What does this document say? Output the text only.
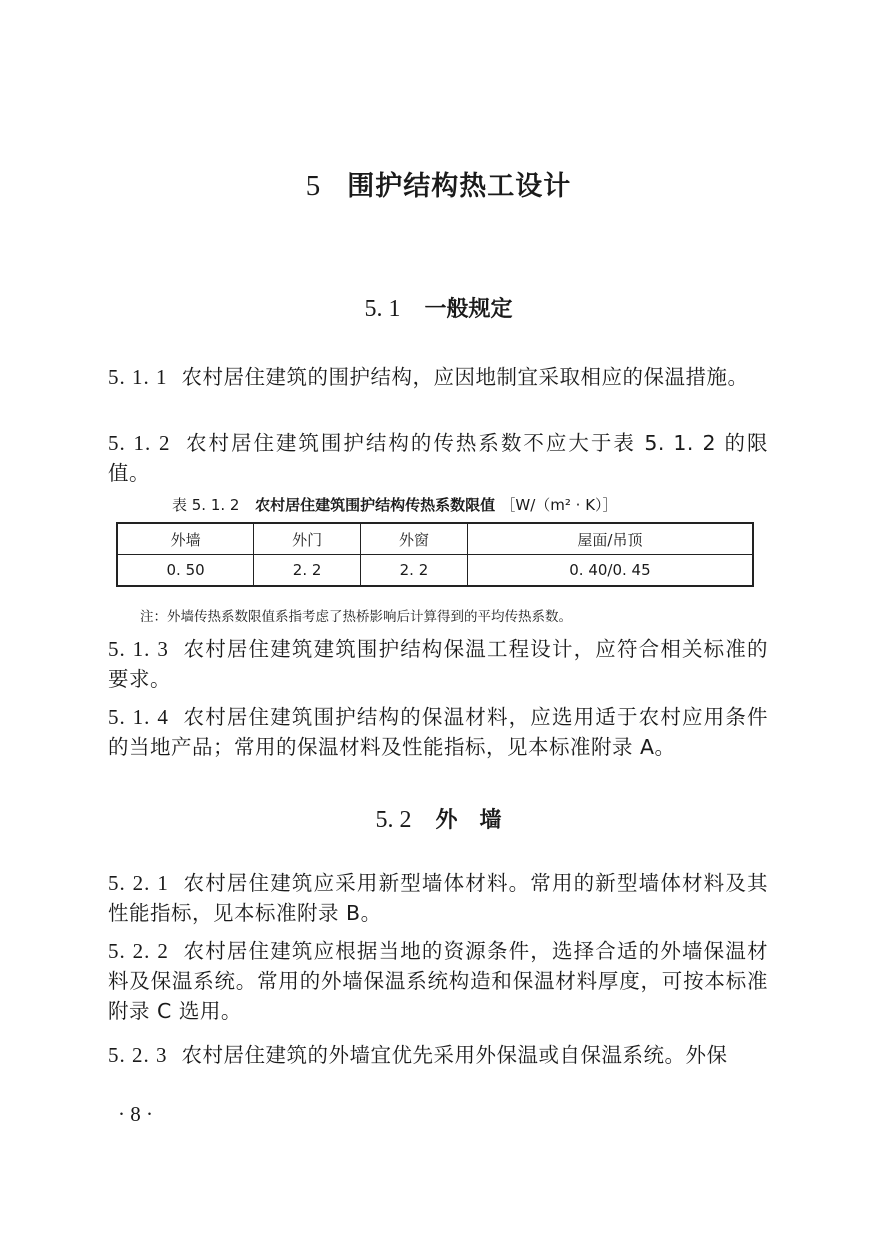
5 围护结构热工设计
5. 1 一般规定
5. 1. 1 农村居住建筑的围护结构，应因地制宜采取相应的保温措施。
5. 1. 2 农村居住建筑围护结构的传热系数不应大于表 5. 1. 2 的限值。
表 5. 1. 2 农村居住建筑围护结构传热系数限值 ［W/（m² · K）］
外墙	外门	外窗	屋面/吊顶
0. 50	2. 2	2. 2	0. 40/0. 45
注：外墙传热系数限值系指考虑了热桥影响后计算得到的平均传热系数。
5. 1. 3 农村居住建筑建筑围护结构保温工程设计，应符合相关标准的要求。
5. 1. 4 农村居住建筑围护结构的保温材料，应选用适于农村应用条件的当地产品；常用的保温材料及性能指标，见本标准附录 A。
5. 2 外　墙
5. 2. 1 农村居住建筑应采用新型墙体材料。常用的新型墙体材料及其性能指标，见本标准附录 B。
5. 2. 2 农村居住建筑应根据当地的资源条件，选择合适的外墙保温材料及保温系统。常用的外墙保温系统构造和保温材料厚度，可按本标准附录 C 选用。
5. 2. 3 农村居住建筑的外墙宜优先采用外保温或自保温系统。外保
· 8 ·
